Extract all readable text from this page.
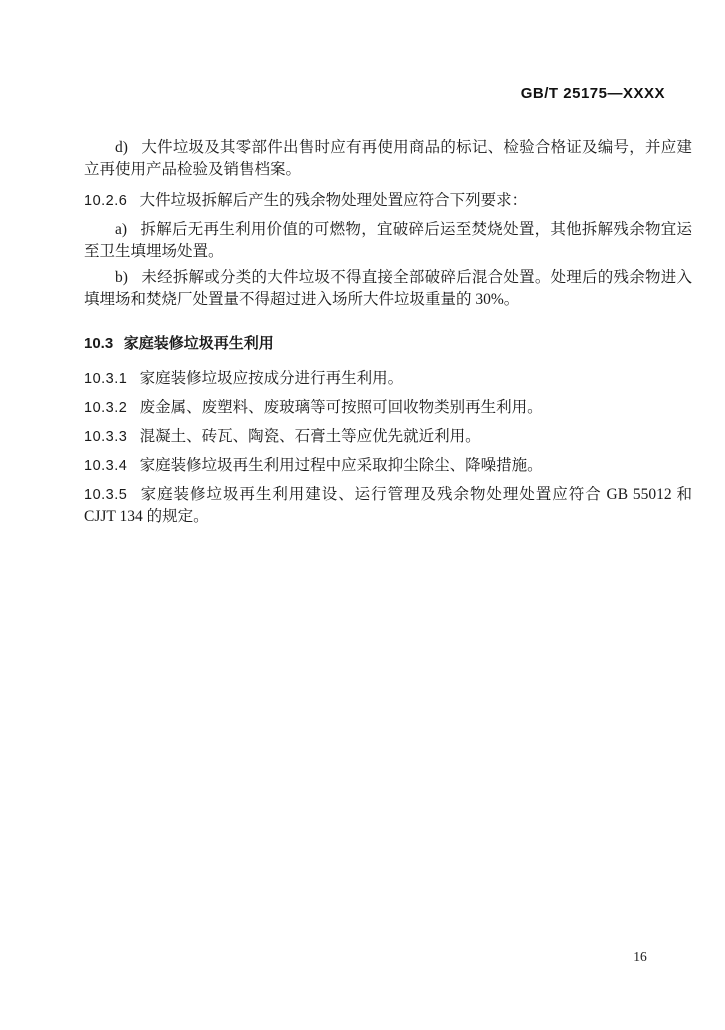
GB/T 25175—XXXX

d) 大件垃圾及其零部件出售时应有再使用商品的标记、检验合格证及编号，并应建立再使用产品检验及销售档案。

10.2.6 大件垃圾拆解后产生的残余物处理处置应符合下列要求：

a) 拆解后无再生利用价值的可燃物，宜破碎后运至焚烧处置，其他拆解残余物宜运至卫生填埋场处置。

b) 未经拆解或分类的大件垃圾不得直接全部破碎后混合处置。处理后的残余物进入填埋场和焚烧厂处置量不得超过进入场所大件垃圾重量的 30%。

10.3 家庭装修垃圾再生利用

10.3.1 家庭装修垃圾应按成分进行再生利用。

10.3.2 废金属、废塑料、废玻璃等可按照可回收物类别再生利用。

10.3.3 混凝土、砖瓦、陶瓷、石膏土等应优先就近利用。

10.3.4 家庭装修垃圾再生利用过程中应采取抑尘除尘、降噪措施。

10.3.5 家庭装修垃圾再生利用建设、运行管理及残余物处理处置应符合 GB 55012 和 CJJT 134 的规定。

16
